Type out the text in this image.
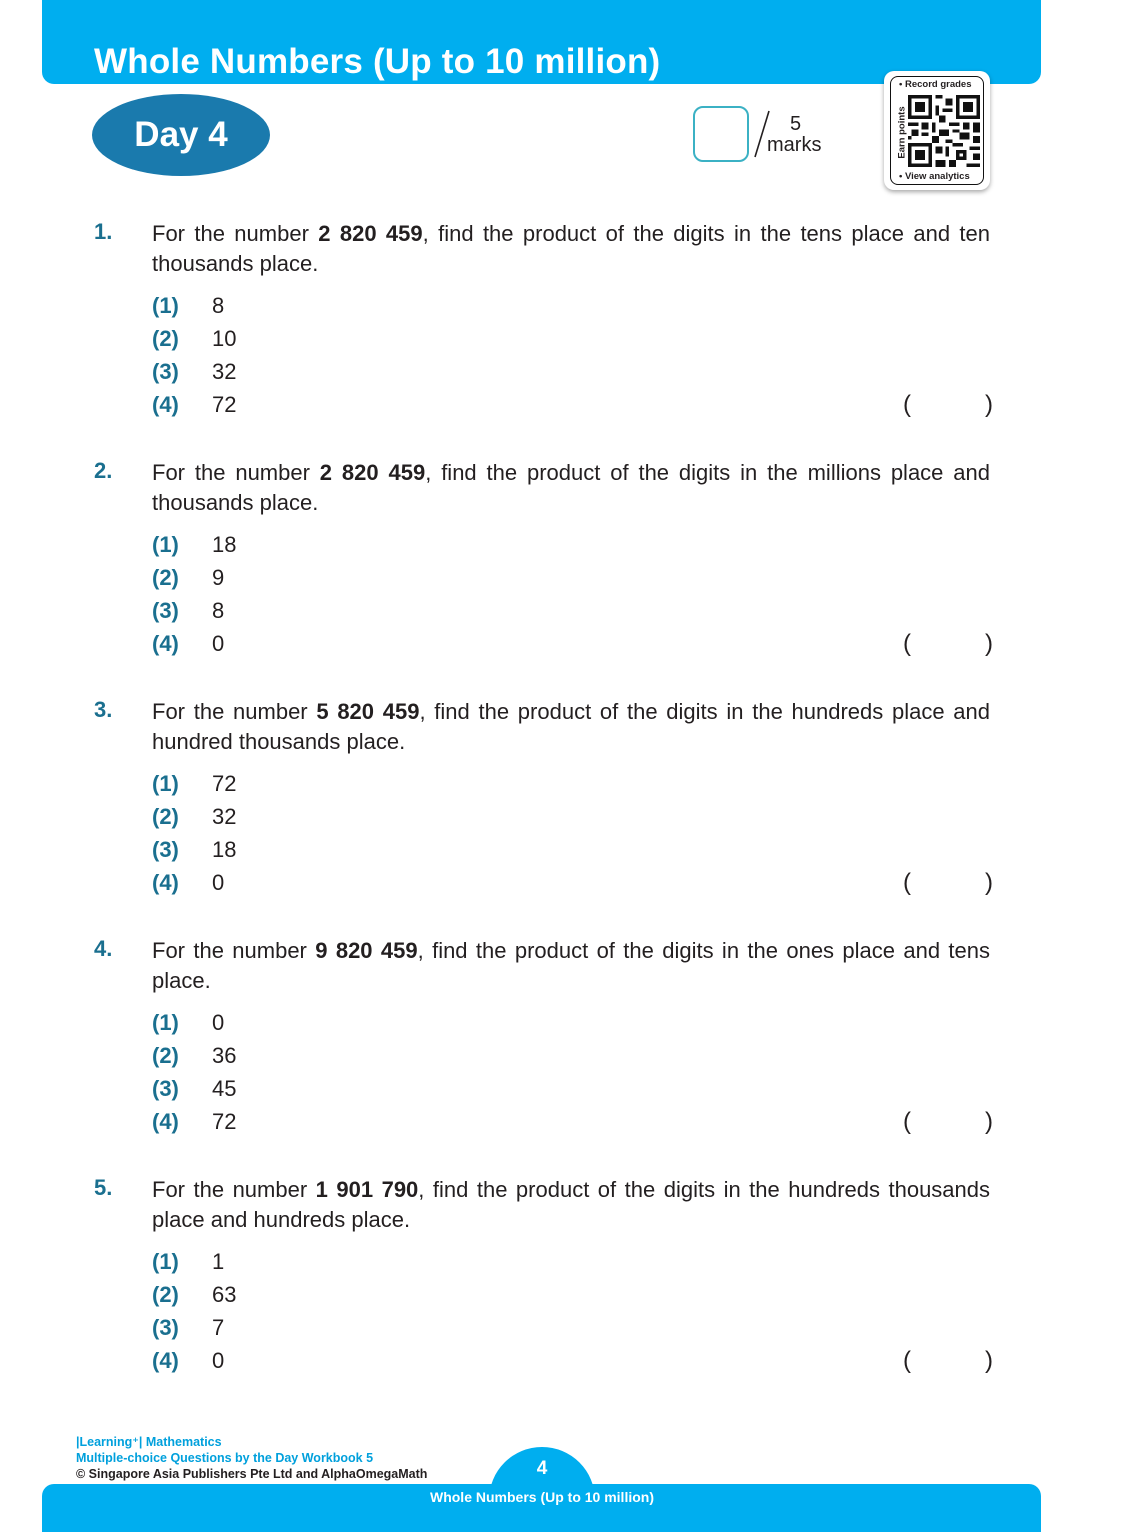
Whole Numbers (Up to 10 million)
Day 4	5
marks
• Record grades
Earn points
• View analytics
1. For the number 2 820 459, find the product of the digits in the tens place and ten thousands place.
(1) 8
(2) 10
(3) 32
(4) 72	(	)
2. For the number 2 820 459, find the product of the digits in the millions place and thousands place.
(1) 18
(2) 9
(3) 8
(4) 0	(	)
3. For the number 5 820 459, find the product of the digits in the hundreds place and hundred thousands place.
(1) 72
(2) 32
(3) 18
(4) 0	(	)
4. For the number 9 820 459, find the product of the digits in the ones place and tens place.
(1) 0
(2) 36
(3) 45
(4) 72	(	)
5. For the number 1 901 790, find the product of the digits in the hundreds thousands place and hundreds place.
(1) 1
(2) 63
(3) 7
(4) 0	(	)
|Learning⁺| Mathematics
Multiple-choice Questions by the Day Workbook 5
© Singapore Asia Publishers Pte Ltd and AlphaOmegaMath	4
Whole Numbers (Up to 10 million)
